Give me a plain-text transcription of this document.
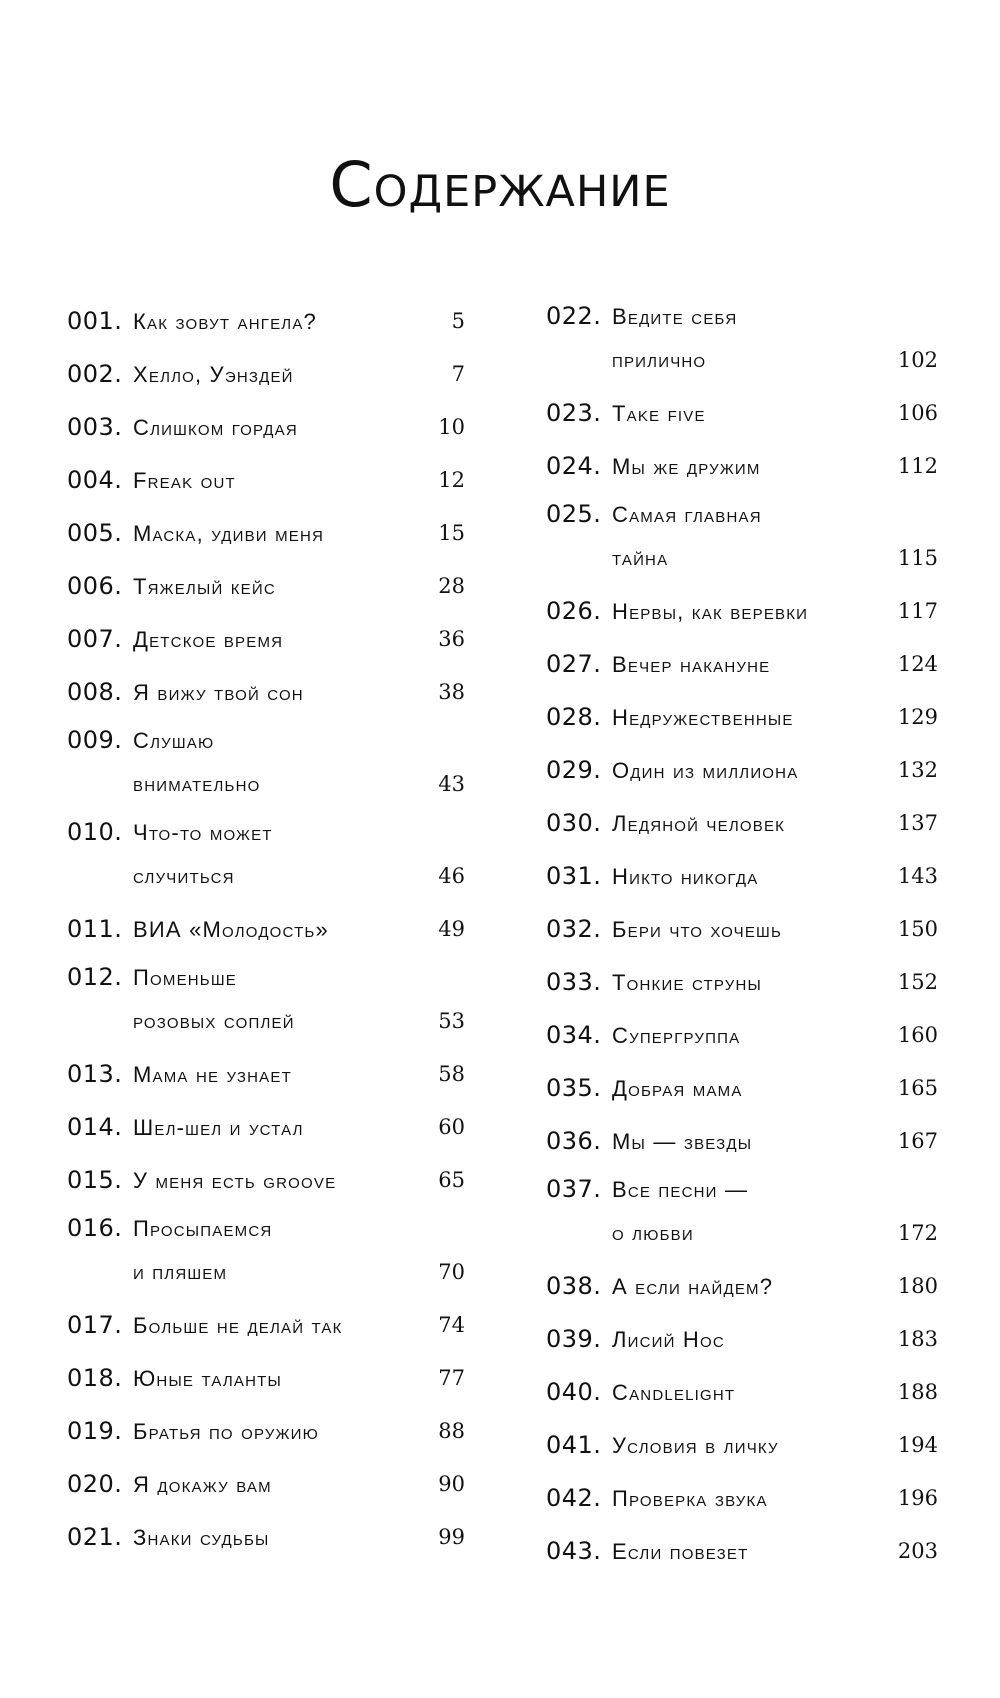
Содержание
001. Как зовут ангела?	5
002. Хелло, Уэнздей	7
003. Слишком гордая	10
004. Freak out	12
005. Маска, удиви меня	15
006. Тяжелый кейс	28
007. Детское время	36
008. Я вижу твой сон	38
009. Слушаю
внимательно	43
010. Что-то может
случиться	46
011. ВИА «Молодость»	49
012. Поменьше
розовых соплей	53
013. Мама не узнает	58
014. Шел-шел и устал	60
015. У меня есть groove	65
016. Просыпаемся
и пляшем	70
017. Больше не делай так	74
018. Юные таланты	77
019. Братья по оружию	88
020. Я докажу вам	90
021. Знаки судьбы	99
022. Ведите себя
прилично	102
023. Take five	106
024. Мы же дружим	112
025. Самая главная
тайна	115
026. Нервы, как веревки	117
027. Вечер накануне	124
028. Недружественные	129
029. Один из миллиона	132
030. Ледяной человек	137
031. Никто никогда	143
032. Бери что хочешь	150
033. Тонкие струны	152
034. Супергруппа	160
035. Добрая мама	165
036. Мы — звезды	167
037. Все песни —
о любви	172
038. А если найдем?	180
039. Лисий Нос	183
040. Candlelight	188
041. Условия в личку	194
042. Проверка звука	196
043. Если повезет	203
